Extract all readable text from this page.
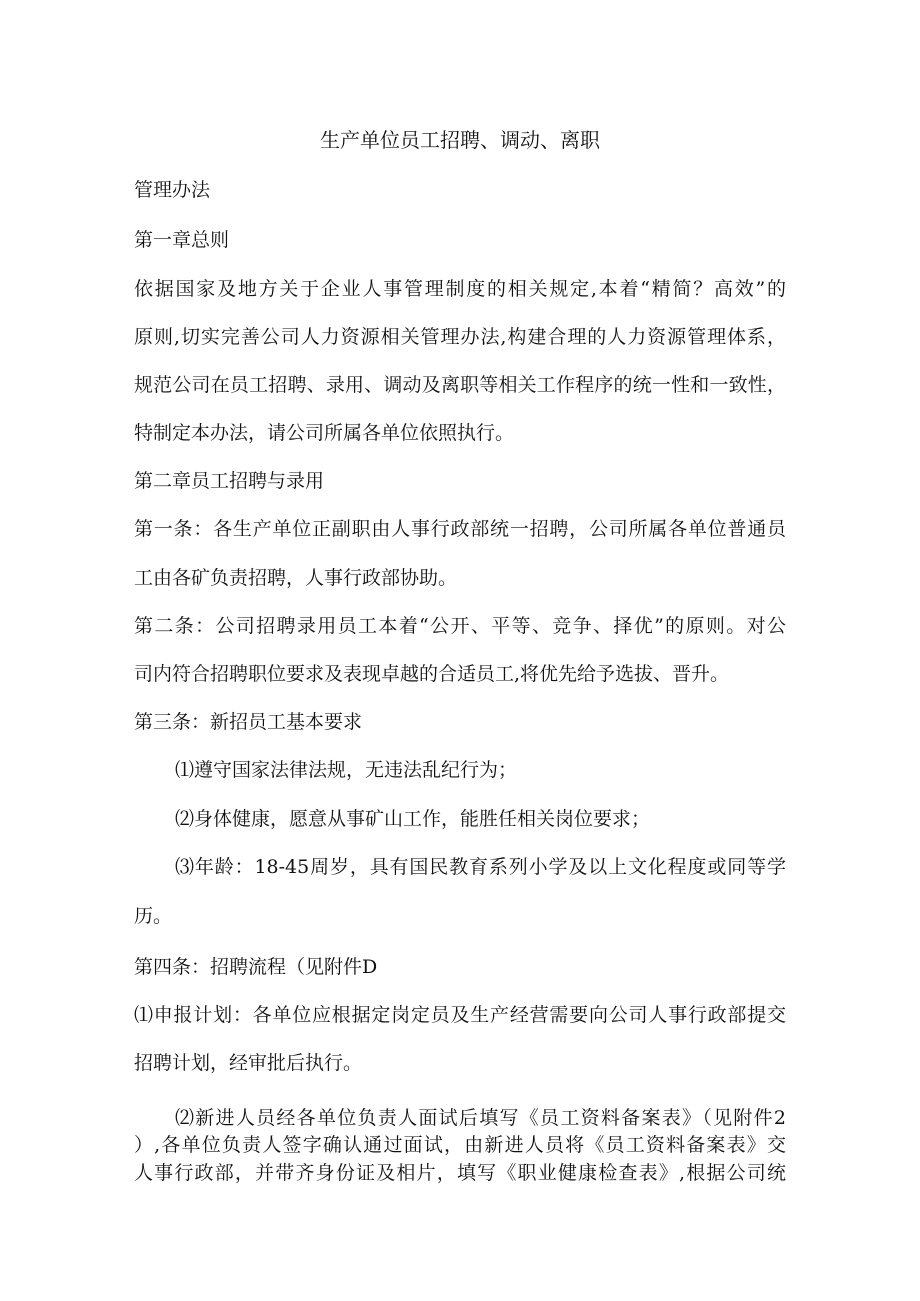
生产单位员工招聘、调动、离职
管理办法
第一章总则
依据国家及地方关于企业人事管理制度的相关规定,本着“精简？高效”的
原则,切实完善公司人力资源相关管理办法,构建合理的人力资源管理体系，
规范公司在员工招聘、录用、调动及离职等相关工作程序的统一性和一致性，
特制定本办法，请公司所属各单位依照执行。
第二章员工招聘与录用
第一条：各生产单位正副职由人事行政部统一招聘，公司所属各单位普通员
工由各矿负责招聘，人事行政部协助。
第二条：公司招聘录用员工本着“公开、平等、竞争、择优”的原则。对公
司内符合招聘职位要求及表现卓越的合适员工,将优先给予选拔、晋升。
第三条：新招员工基本要求
⑴遵守国家法律法规，无违法乱纪行为；
⑵身体健康，愿意从事矿山工作，能胜任相关岗位要求；
⑶年龄：18-45周岁，具有国民教育系列小学及以上文化程度或同等学
历。
第四条：招聘流程（见附件D
⑴申报计划：各单位应根据定岗定员及生产经营需要向公司人事行政部提交
招聘计划，经审批后执行。
⑵新进人员经各单位负责人面试后填写《员工资料备案表》（见附件2
）,各单位负责人签字确认通过面试，由新进人员将《员工资料备案表》交
人事行政部，并带齐身份证及相片，填写《职业健康检查表》,根据公司统
